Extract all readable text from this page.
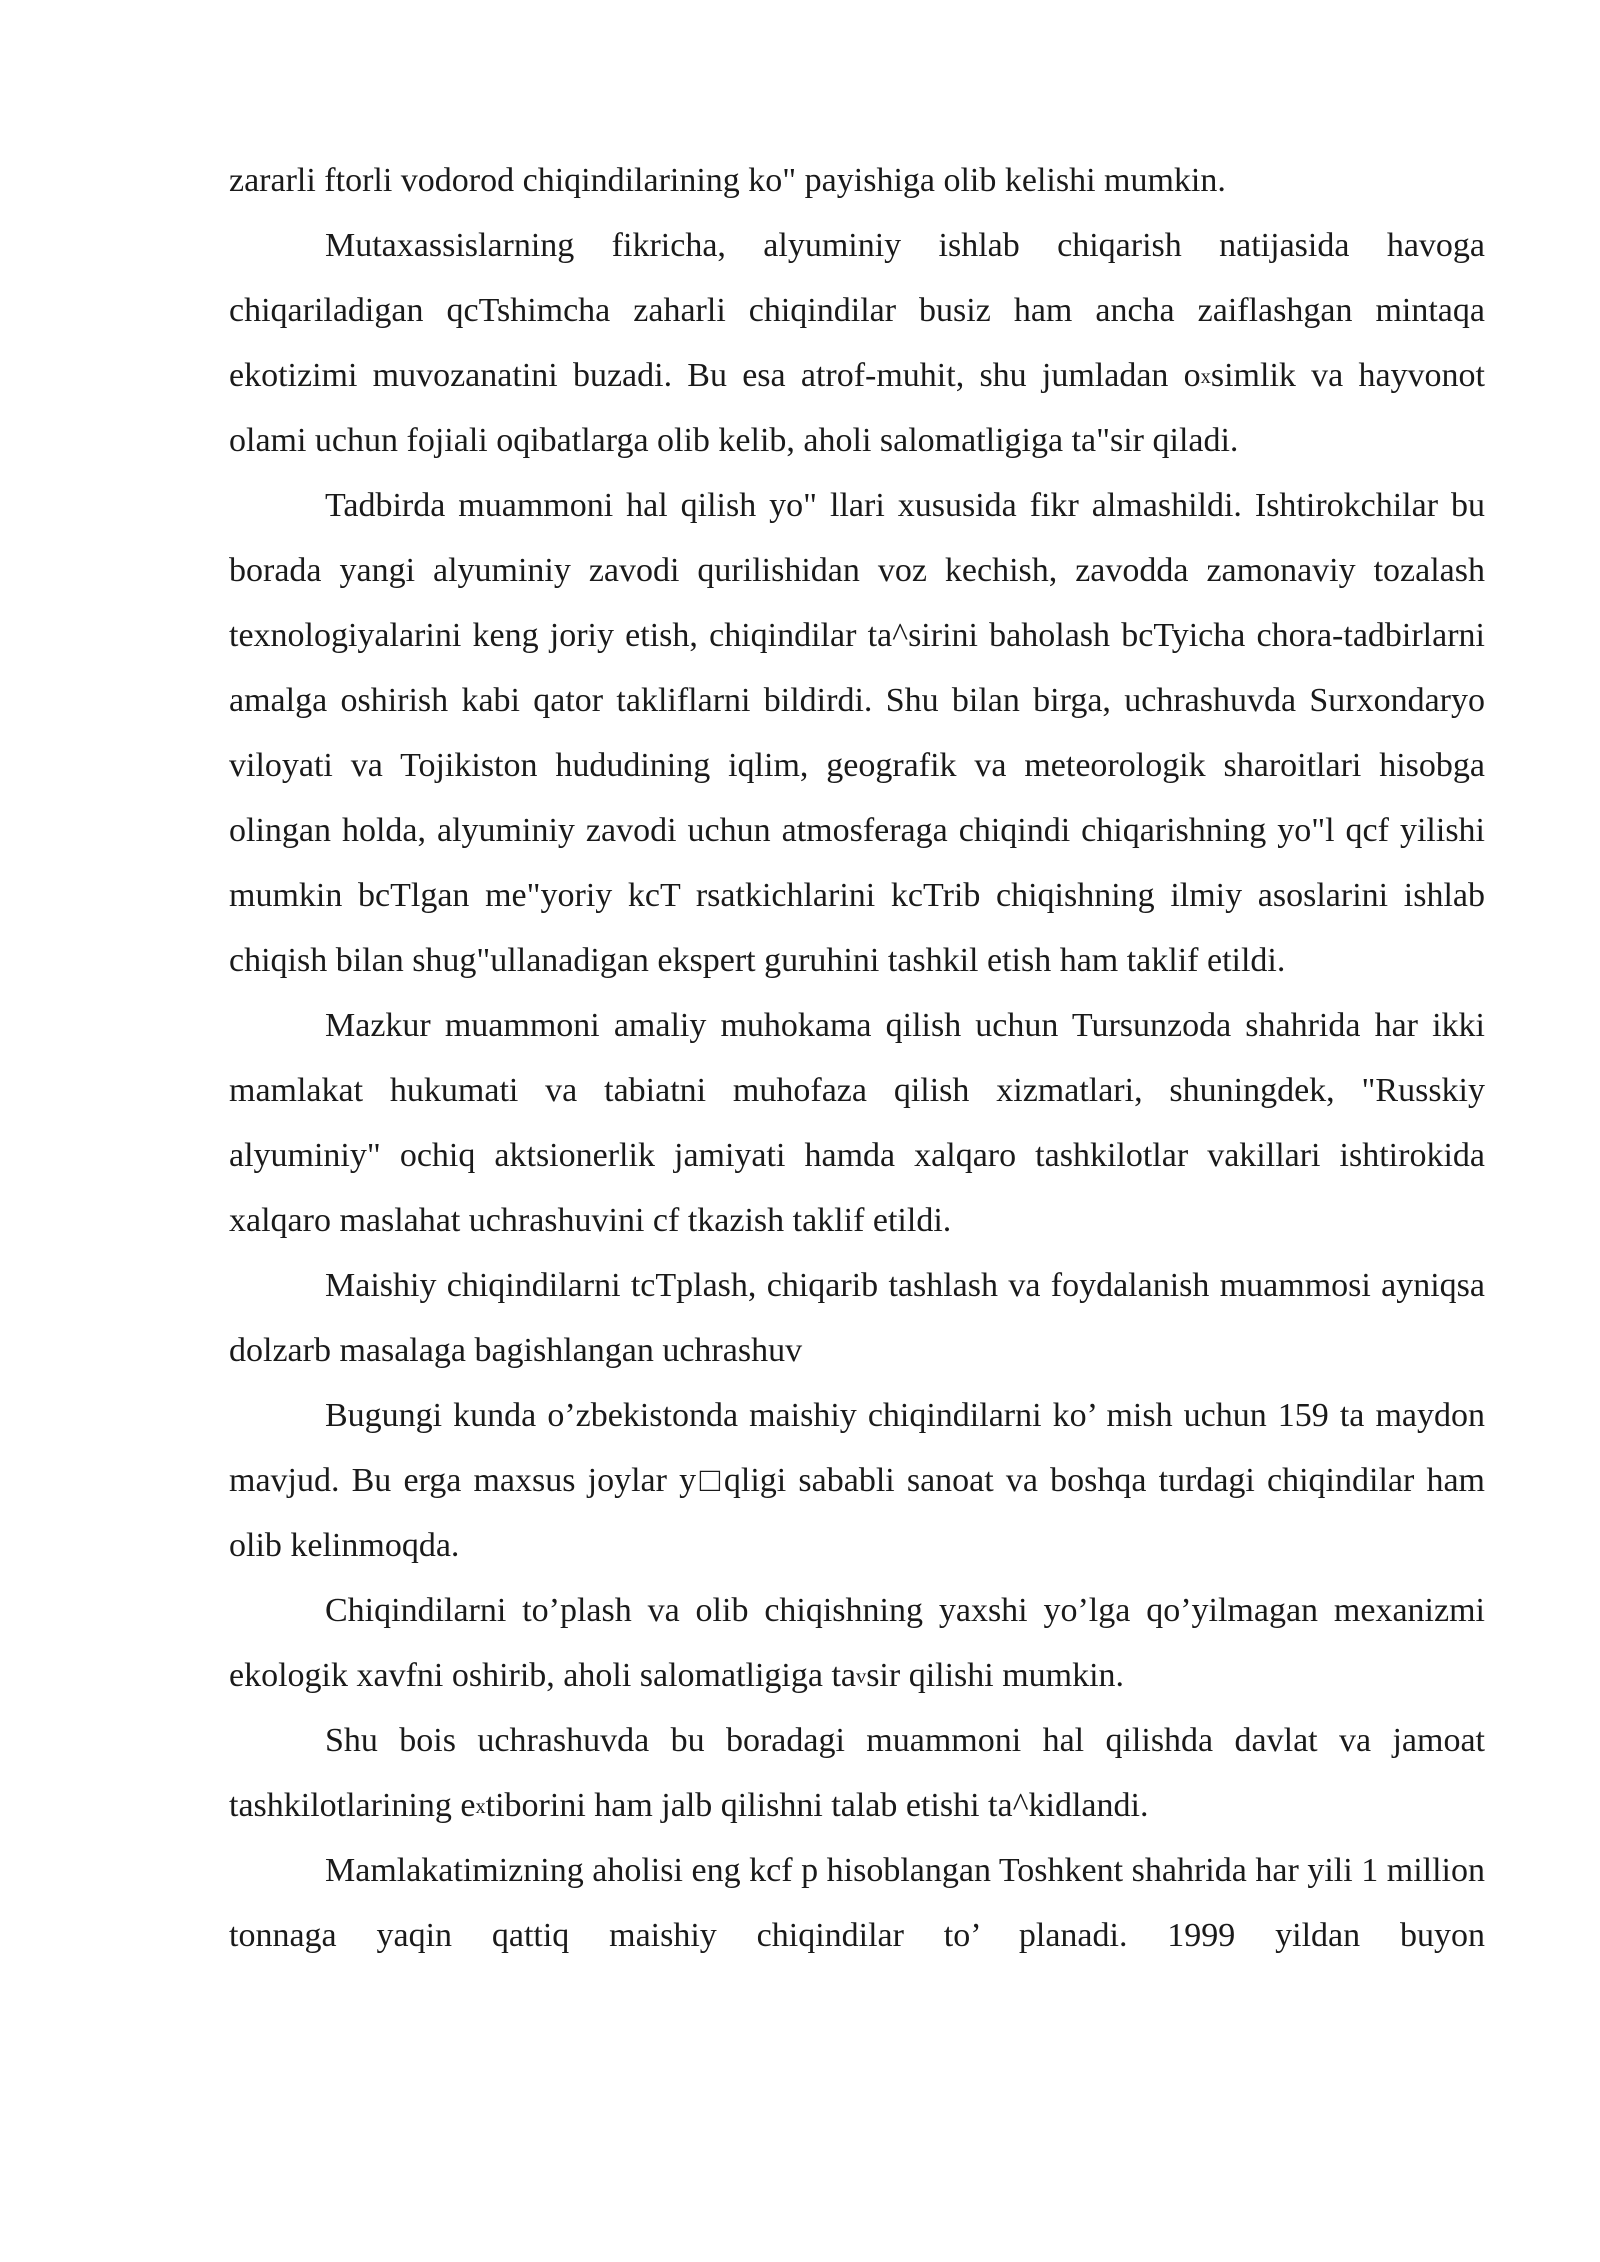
zararli ftorli vodorod chiqindilarining ko" payishiga olib kelishi mumkin.

Mutaxassislarning fikricha, alyuminiy ishlab chiqarish natijasida havoga chiqariladigan qcTshimcha zaharli chiqindilar busiz ham ancha zaiflashgan mintaqa ekotizimi muvozanatini buzadi. Bu esa atrof-muhit, shu jumladan $o^xsimlik$ va hayvonot olami uchun fojiali oqibatlarga olib kelib, aholi salomatligiga ta"sir qiladi.

Tadbirda muammoni hal qilish yo" llari xususida fikr almashildi. Ishtirokchilar bu borada yangi alyuminiy zavodi qurilishidan voz kechish, zavodda zamonaviy tozalash texnologiyalarini keng joriy etish, chiqindilar ta^sirini baholash bcTyicha chora-tadbirlarni amalga oshirish kabi qator takliflarni bildirdi. Shu bilan birga, uchrashuvda Surxondaryo viloyati va Tojikiston hududining iqlim, geografik va meteorologik sharoitlari hisobga olingan holda, alyuminiy zavodi uchun atmosferaga chiqindi chiqarishning yo"l qcf yilishi mumkin bcTlgan me"yoriy kcT rsatkichlarini kcTrib chiqishning ilmiy asoslarini ishlab chiqish bilan shug"ullanadigan ekspert guruhini tashkil etish ham taklif etildi.

Mazkur muammoni amaliy muhokama qilish uchun Tursunzoda shahrida har ikki mamlakat hukumati va tabiatni muhofaza qilish xizmatlari, shuningdek, "Russkiy alyuminiy" ochiq aktsionerlik jamiyati hamda xalqaro tashkilotlar vakillari ishtirokida xalqaro maslahat uchrashuvini cf tkazish taklif etildi.

Maishiy chiqindilarni tcTplash, chiqarib tashlash va foydalanish muammosi ayniqsa dolzarb masalaga bagishlangan uchrashuv

Bugungi kunda o’zbekistonda maishiy chiqindilarni ko’ mish uchun 159 ta maydon mavjud. Bu erga maxsus joylar y□qligi sababli sanoat va boshqa turdagi chiqindilar ham olib kelinmoqda.

Chiqindilarni to’plash va olib chiqishning yaxshi yo’lga qo’yilmagan mexanizmi ekologik xavfni oshirib, aholi salomatligiga $ta^vsir$ qilishi mumkin.

Shu bois uchrashuvda bu boradagi muammoni hal qilishda davlat va jamoat tashkilotlarining $e^xtiborini$ ham jalb qilishni talab etishi ta^kidlandi.

Mamlakatimizning aholisi eng kcf p hisoblangan Toshkent shahrida har yili 1 million tonnaga yaqin qattiq maishiy chiqindilar to’ planadi. 1999 yildan buyon
